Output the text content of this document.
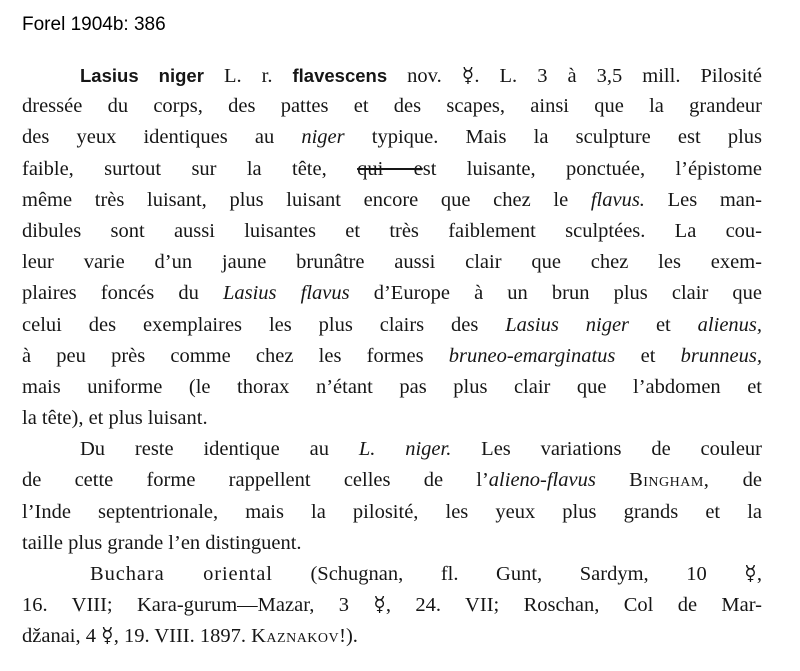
Forel 1904b: 386
Lasius niger L. r. flavescens nov. ☿. L. 3 à 3,5 mill. Pilosité
dressée du corps, des pattes et des scapes, ainsi que la grandeur
des yeux identiques au niger typique. Mais la sculpture est plus
faible, surtout sur la tête, qui est luisante, ponctuée, l’épistome
même très luisant, plus luisant encore que chez le flavus. Les man-
dibules sont aussi luisantes et très faiblement sculptées. La cou-
leur varie d’un jaune brunâtre aussi clair que chez les exem-
plaires foncés du Lasius flavus d’Europe à un brun plus clair que
celui des exemplaires les plus clairs des Lasius niger et alienus,
à peu près comme chez les formes bruneo-emarginatus et brunneus,
mais uniforme (le thorax n’étant pas plus clair que l’abdomen et
la tête), et plus luisant.
Du reste identique au L. niger. Les variations de couleur
de cette forme rappellent celles de l’alieno-flavus Bingham, de
l’Inde septentrionale, mais la pilosité, les yeux plus grands et la
taille plus grande l’en distinguent.
Buchara oriental (Schugnan, fl. Gunt, Sardym, 10 ☿,
16. VIII; Kara-gurum—Mazar, 3 ☿, 24. VII; Roschan, Col de Mar-
džanai, 4 ☿, 19. VIII. 1897. Kaznakov!).
